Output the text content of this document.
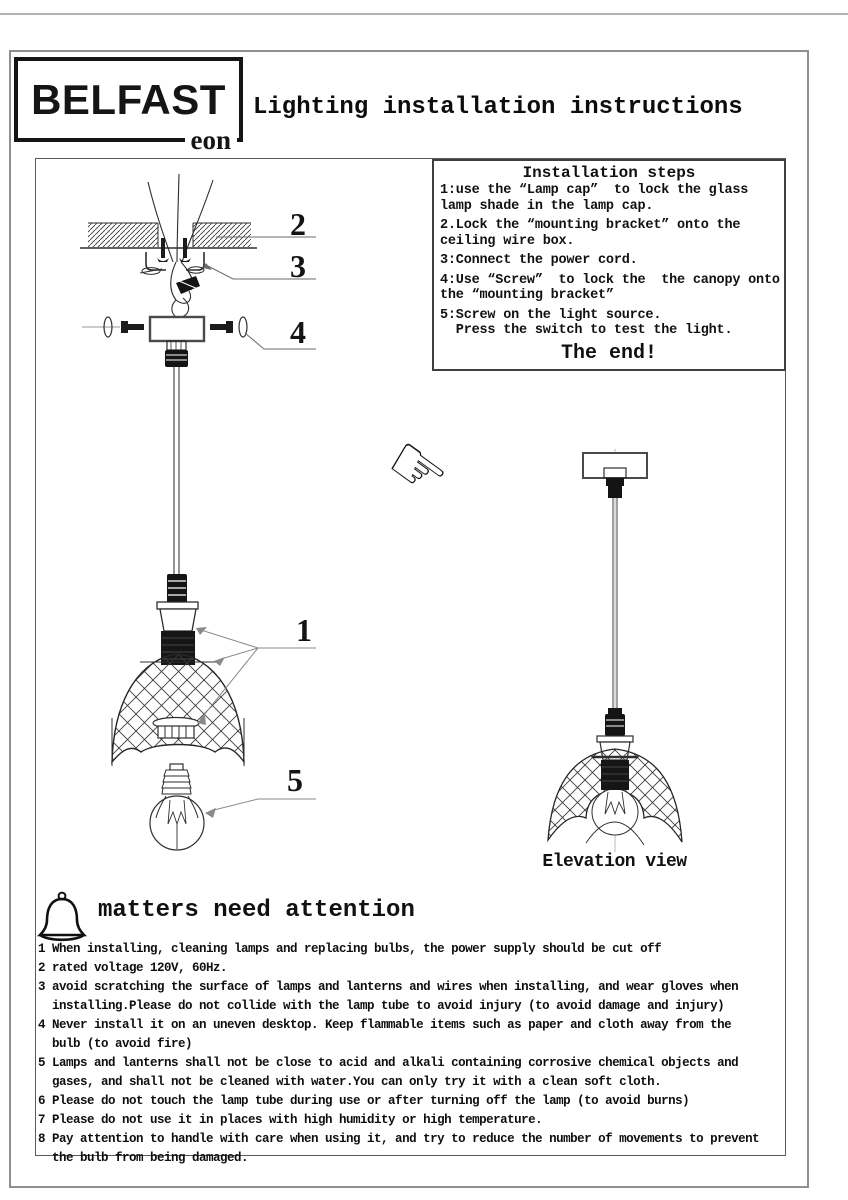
BELFAST
eon
Lighting installation instructions
Installation steps
1:use the “Lamp cap”  to lock the glass
lamp shade in the lamp cap.
2.Lock the “mounting bracket” onto the
ceiling wire box.
3:Connect the power cord.
4:Use “Screw”  to lock the  the canopy onto
the “mounting bracket”
5:Screw on the light source.
Press the switch to test the light.
The end!
2
3
4
1
5
☞
Elevation view
matters need attention
1 When installing, cleaning lamps and replacing bulbs, the power supply should be cut off
2 rated voltage 120V, 60Hz.
3 avoid scratching the surface of lamps and lanterns and wires when installing, and wear gloves when
installing.Please do not collide with the lamp tube to avoid injury (to avoid damage and injury)
4 Never install it on an uneven desktop. Keep flammable items such as paper and cloth away from the
bulb (to avoid fire)
5 Lamps and lanterns shall not be close to acid and alkali containing corrosive chemical objects and
gases, and shall not be cleaned with water.You can only try it with a clean soft cloth.
6 Please do not touch the lamp tube during use or after turning off the lamp (to avoid burns)
7 Please do not use it in places with high humidity or high temperature.
8 Pay attention to handle with care when using it, and try to reduce the number of movements to prevent
the bulb from being damaged.
